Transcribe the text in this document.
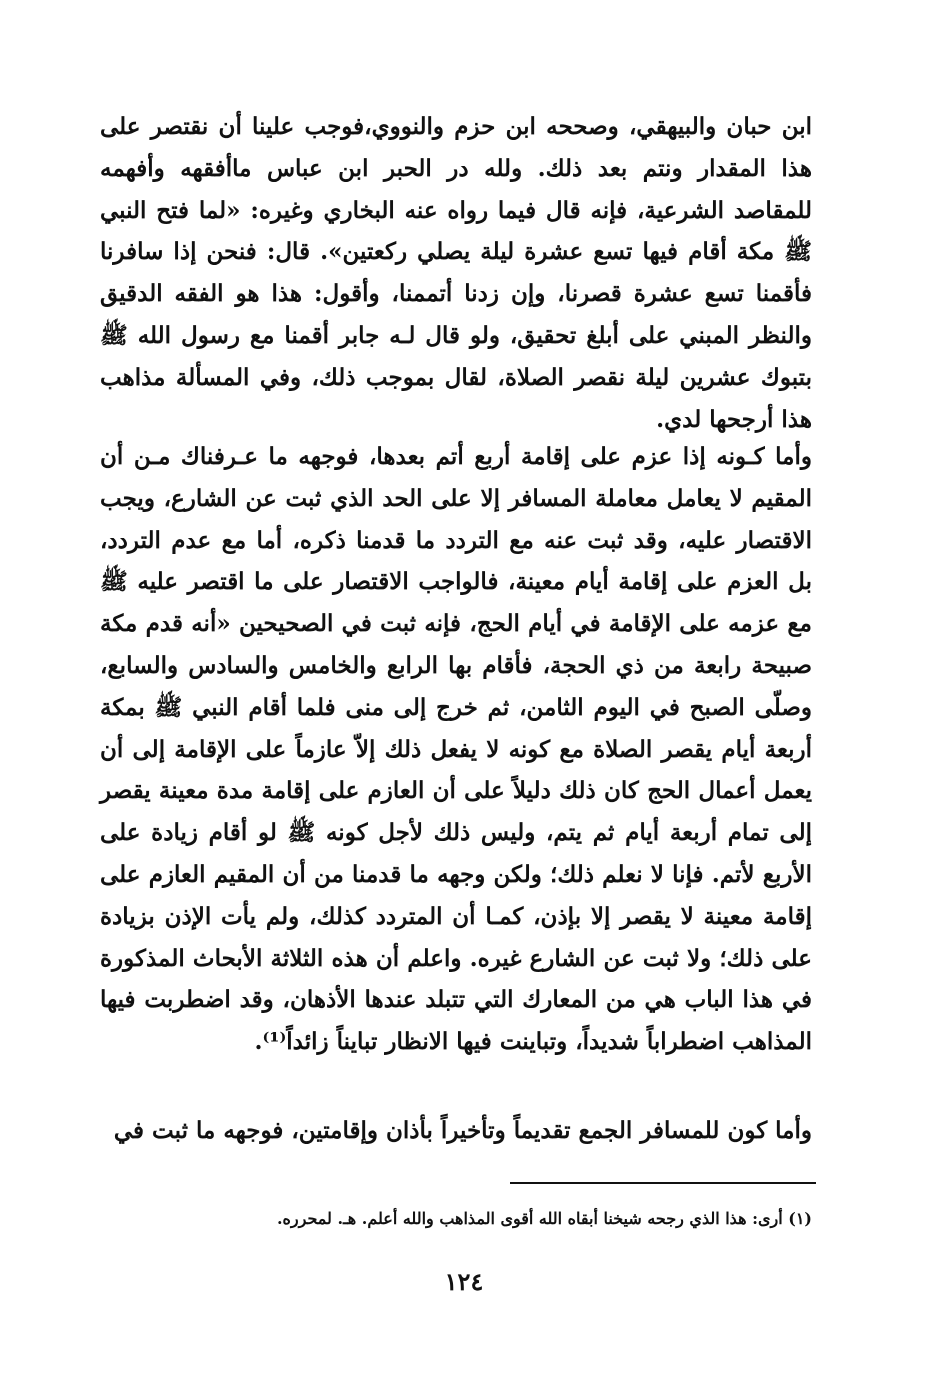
ابن حبان والبيهقي، وصححه ابن حزم والنووي،فوجب علينا أن نقتصر على هذا المقدار ونتم بعد ذلك. ولله در الحبر ابن عباس ماأفقهه وأفهمه للمقاصد الشرعية، فإنه قال فيما رواه عنه البخاري وغيره: «لما فتح النبي ﷺ مكة أقام فيها تسع عشرة ليلة يصلي ركعتين». قال: فنحن إذا سافرنا فأقمنا تسع عشرة قصرنا، وإن زدنا أتممنا، وأقول: هذا هو الفقه الدقيق والنظر المبني على أبلغ تحقيق، ولو قال لـه جابر أقمنا مع رسول الله ﷺ بتبوك عشرين ليلة نقصر الصلاة، لقال بموجب ذلك، وفي المسألة مذاهب هذا أرجحها لدي.

وأما كـونه إذا عزم على إقامة أربع أتم بعدها، فوجهه ما عـرفناك مـن أن المقيم لا يعامل معاملة المسافر إلا على الحد الذي ثبت عن الشارع، ويجب الاقتصار عليه، وقد ثبت عنه مع التردد ما قدمنا ذكره، أما مع عدم التردد، بل العزم على إقامة أيام معينة، فالواجب الاقتصار على ما اقتصر عليه ﷺ مع عزمه على الإقامة في أيام الحج، فإنه ثبت في الصحيحين «أنه قدم مكة صبيحة رابعة من ذي الحجة، فأقام بها الرابع والخامس والسادس والسابع، وصلّى الصبح في اليوم الثامن، ثم خرج إلى منى فلما أقام النبي ﷺ بمكة أربعة أيام يقصر الصلاة مع كونه لا يفعل ذلك إلاّ عازماً على الإقامة إلى أن يعمل أعمال الحج كان ذلك دليلاً على أن العازم على إقامة مدة معينة يقصر إلى تمام أربعة أيام ثم يتم، وليس ذلك لأجل كونه ﷺ لو أقام زيادة على الأربع لأتم. فإنا لا نعلم ذلك؛ ولكن وجهه ما قدمنا من أن المقيم العازم على إقامة معينة لا يقصر إلا بإذن، كمـا أن المتردد كذلك، ولم يأت الإذن بزيادة على ذلك؛ ولا ثبت عن الشارع غيره. واعلم أن هذه الثلاثة الأبحاث المذكورة في هذا الباب هي من المعارك التي تتبلد عندها الأذهان، وقد اضطربت فيها المذاهب اضطراباً شديداً، وتباينت فيها الانظار تبايناً زائداً⁽¹⁾.

وأما كون للمسافر الجمع تقديماً وتأخيراً بأذان وإقامتين، فوجهه ما ثبت في

(١) أرى: هذا الذي رجحه شيخنا أبقاه الله أقوى المذاهب والله أعلم. هـ. لمحرره.
١٢٤
